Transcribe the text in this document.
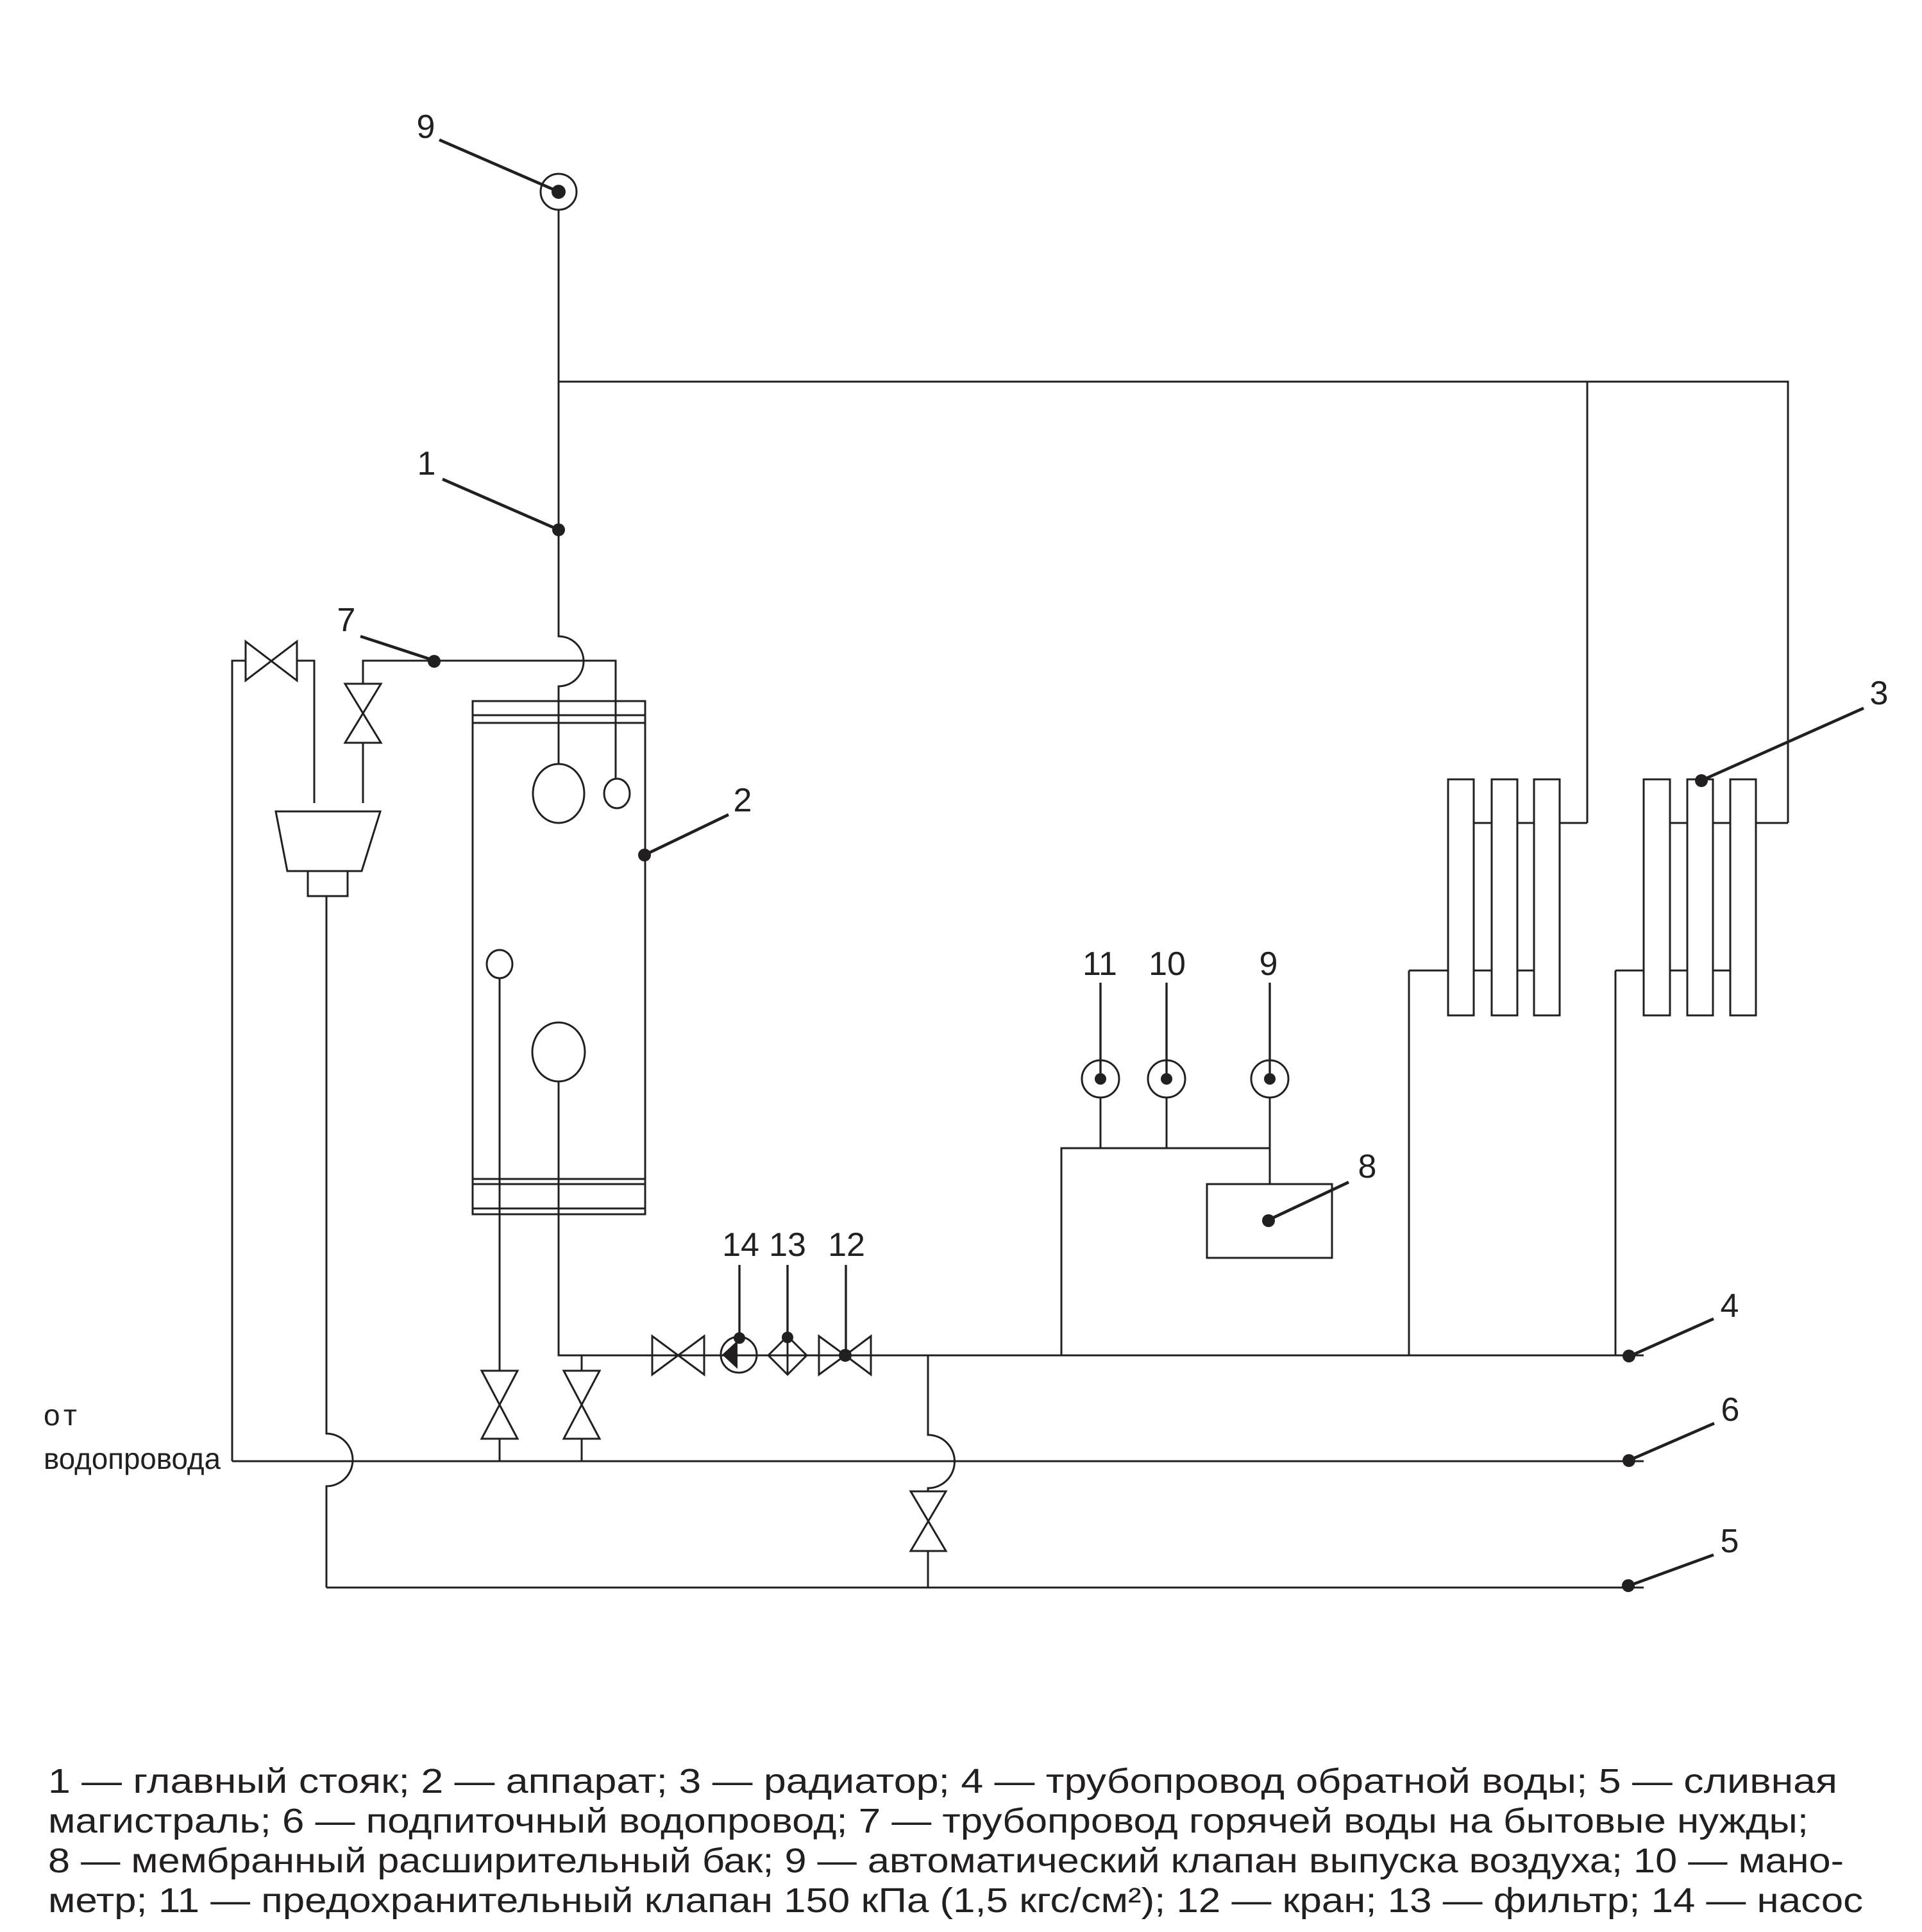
9
1
7
2
3
4
6
5
8
11 10 9
14 13 12
от
водопровода
1 — главный стояк; 2 — аппарат; 3 — радиатор; 4 — трубопровод обратной воды; 5 — сливная
магистраль; 6 — подпиточный водопровод; 7 — трубопровод горячей воды на бытовые нужды;
8 — мембранный расширительный бак; 9 — автоматический клапан выпуска воздуха; 10 — мано-
метр; 11 — предохранительный клапан 150 кПа (1,5 кгс/см²); 12 — кран; 13 — фильтр; 14 — насос
